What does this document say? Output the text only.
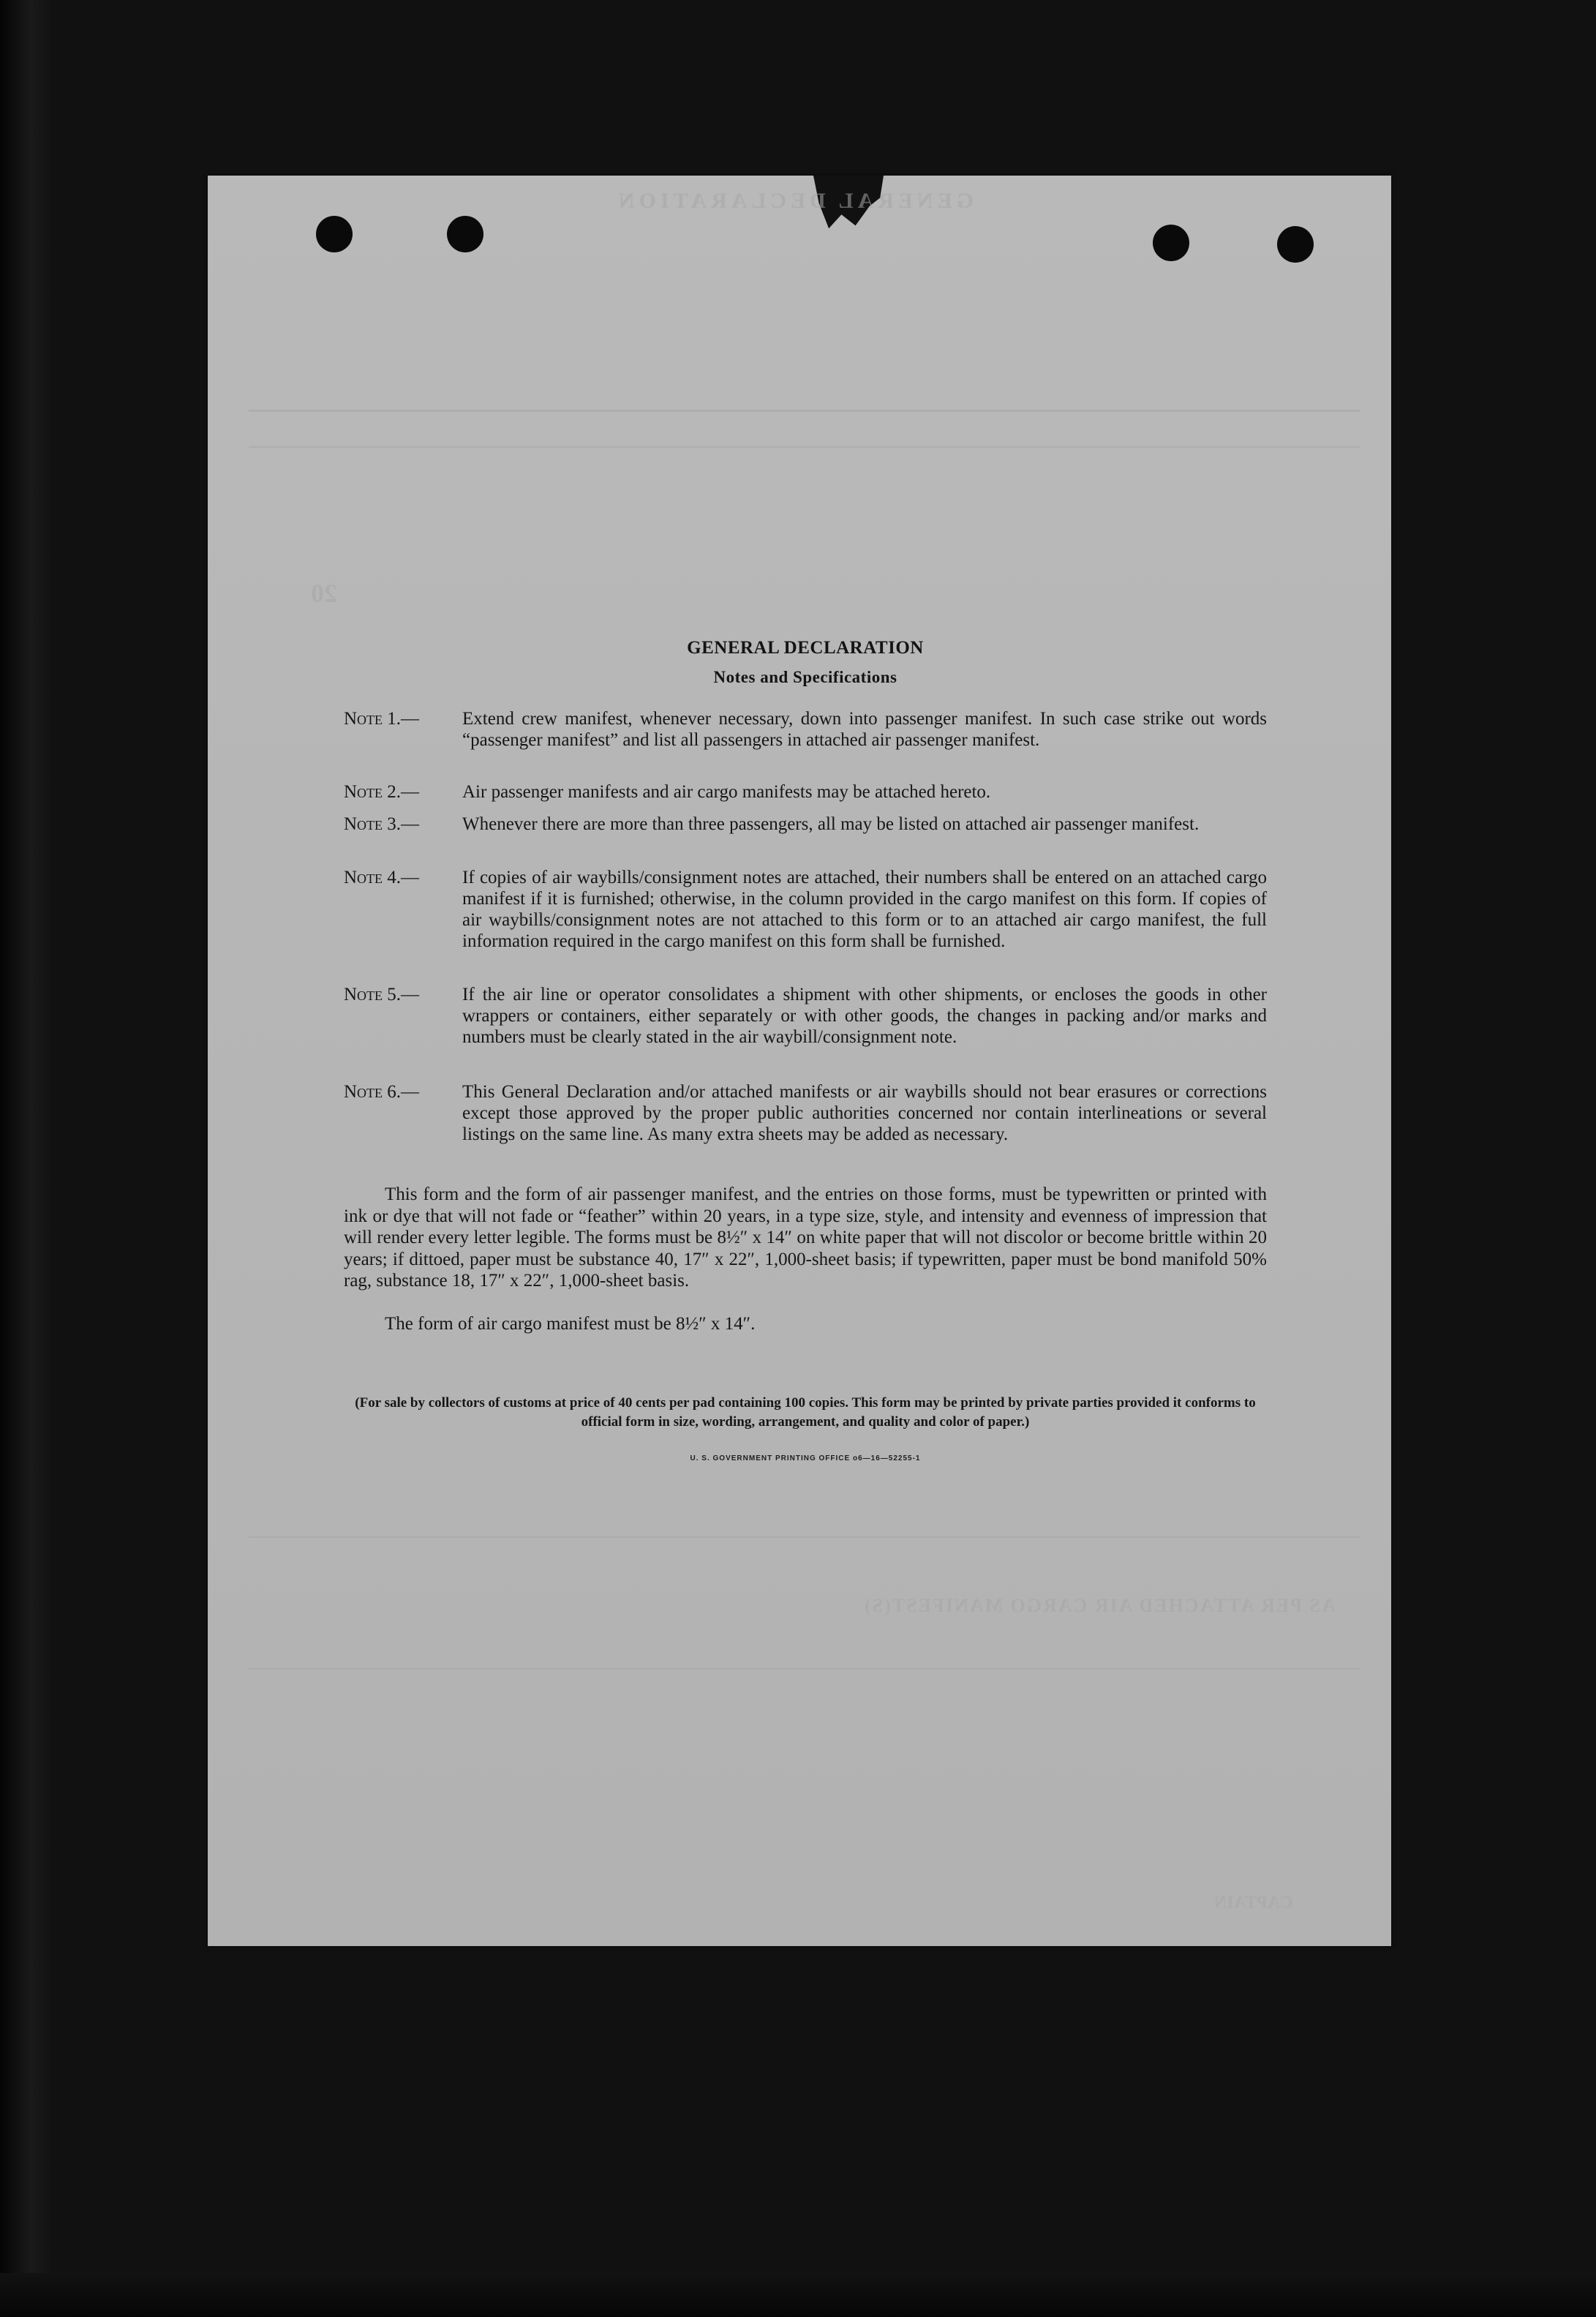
GENERAL DECLARATION
20
AS PER ATTACHED AIR CARGO MANIFEST(S)
CAPTAIN
GENERAL DECLARATION
Notes and Specifications
Note 1.—	Extend crew manifest, whenever necessary, down into passenger manifest. In such case strike out words “passenger manifest” and list all passengers in attached air passenger manifest.
Note 2.—	Air passenger manifests and air cargo manifests may be attached hereto.
Note 3.—	Whenever there are more than three passengers, all may be listed on attached air passenger manifest.
Note 4.—	If copies of air waybills/consignment notes are attached, their numbers shall be entered on an attached cargo manifest if it is furnished; otherwise, in the column provided in the cargo manifest on this form. If copies of air waybills/consignment notes are not attached to this form or to an attached air cargo manifest, the full information required in the cargo manifest on this form shall be furnished.
Note 5.—	If the air line or operator consolidates a shipment with other shipments, or encloses the goods in other wrappers or containers, either separately or with other goods, the changes in packing and/or marks and numbers must be clearly stated in the air waybill/consignment note.
Note 6.—	This General Declaration and/or attached manifests or air waybills should not bear erasures or corrections except those approved by the proper public authorities concerned nor contain interlineations or several listings on the same line. As many extra sheets may be added as necessary.
This form and the form of air passenger manifest, and the entries on those forms, must be typewritten or printed with ink or dye that will not fade or “feather” within 20 years, in a type size, style, and intensity and evenness of impression that will render every letter legible. The forms must be 8½″ x 14″ on white paper that will not discolor or become brittle within 20 years; if dittoed, paper must be substance 40, 17″ x 22″, 1,000-sheet basis; if typewritten, paper must be bond manifold 50% rag, substance 18, 17″ x 22″, 1,000-sheet basis.
The form of air cargo manifest must be 8½″ x 14″.
(For sale by collectors of customs at price of 40 cents per pad containing 100 copies. This form may be printed by private parties provided it conforms to official form in size, wording, arrangement, and quality and color of paper.)
U. S. GOVERNMENT PRINTING OFFICE o6—16—52255-1
